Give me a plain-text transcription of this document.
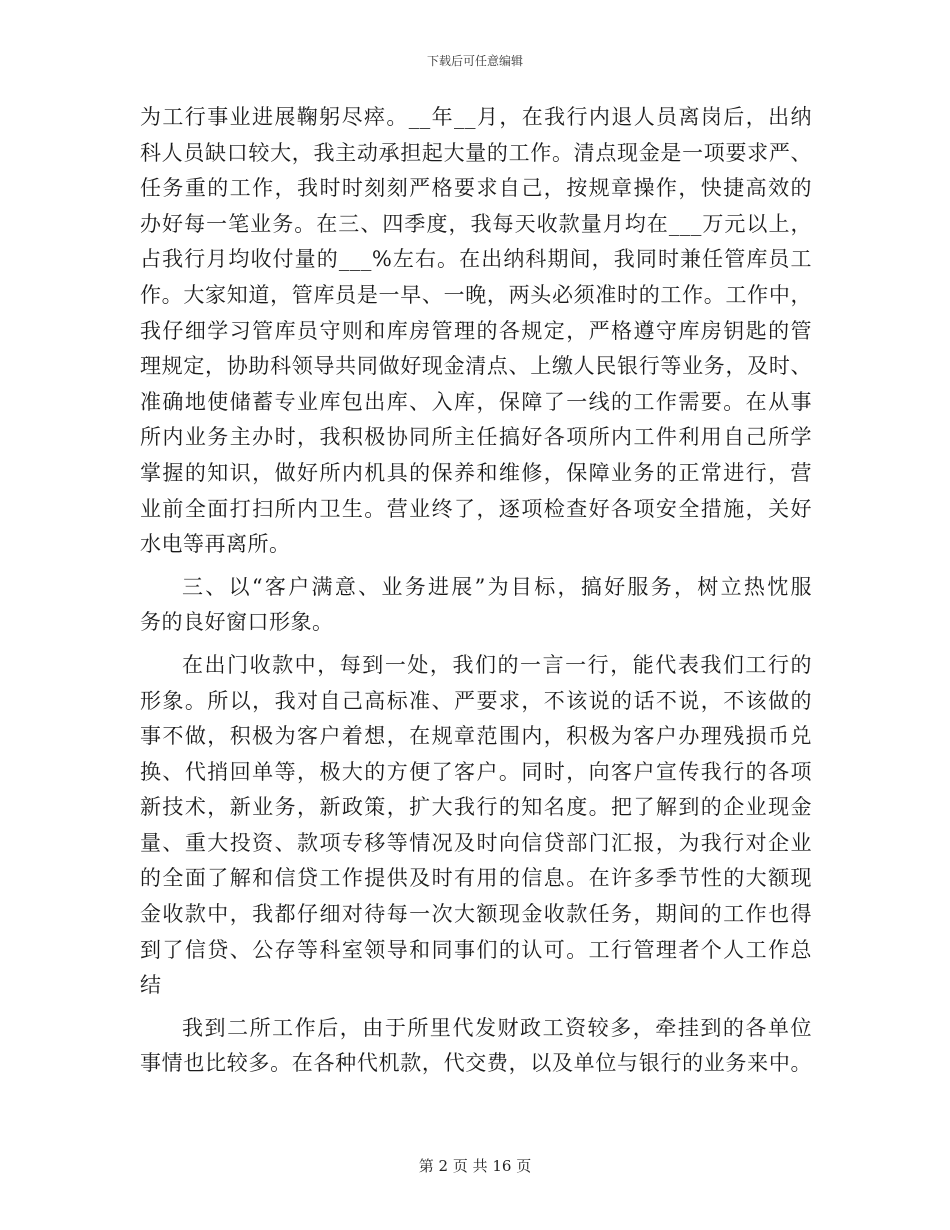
下载后可任意编辑
为工行事业进展鞠躬尽瘁。__年__月，在我行内退人员离岗后，出纳
科人员缺口较大，我主动承担起大量的工作。清点现金是一项要求严、
任务重的工作，我时时刻刻严格要求自己，按规章操作，快捷高效的
办好每一笔业务。在三、四季度，我每天收款量月均在___万元以上，
占我行月均收付量的___%左右。在出纳科期间，我同时兼任管库员工
作。大家知道，管库员是一早、一晚，两头必须准时的工作。工作中，
我仔细学习管库员守则和库房管理的各规定，严格遵守库房钥匙的管
理规定，协助科领导共同做好现金清点、上缴人民银行等业务，及时、
准确地使储蓄专业库包出库、入库，保障了一线的工作需要。在从事
所内业务主办时，我积极协同所主任搞好各项所内工件利用自己所学
掌握的知识，做好所内机具的保养和维修，保障业务的正常进行，营
业前全面打扫所内卫生。营业终了，逐项检查好各项安全措施，关好
水电等再离所。
三、以“客户满意、业务进展”为目标，搞好服务，树立热忱服
务的良好窗口形象。
在出门收款中，每到一处，我们的一言一行，能代表我们工行的
形象。所以，我对自己高标准、严要求，不该说的话不说，不该做的
事不做，积极为客户着想，在规章范围内，积极为客户办理残损币兑
换、代捎回单等，极大的方便了客户。同时，向客户宣传我行的各项
新技术，新业务，新政策，扩大我行的知名度。把了解到的企业现金
量、重大投资、款项专移等情况及时向信贷部门汇报，为我行对企业
的全面了解和信贷工作提供及时有用的信息。在许多季节性的大额现
金收款中，我都仔细对待每一次大额现金收款任务，期间的工作也得
到了信贷、公存等科室领导和同事们的认可。工行管理者个人工作总
结
我到二所工作后，由于所里代发财政工资较多，牵挂到的各单位
事情也比较多。在各种代机款，代交费，以及单位与银行的业务来中。
第 2 页 共 16 页
